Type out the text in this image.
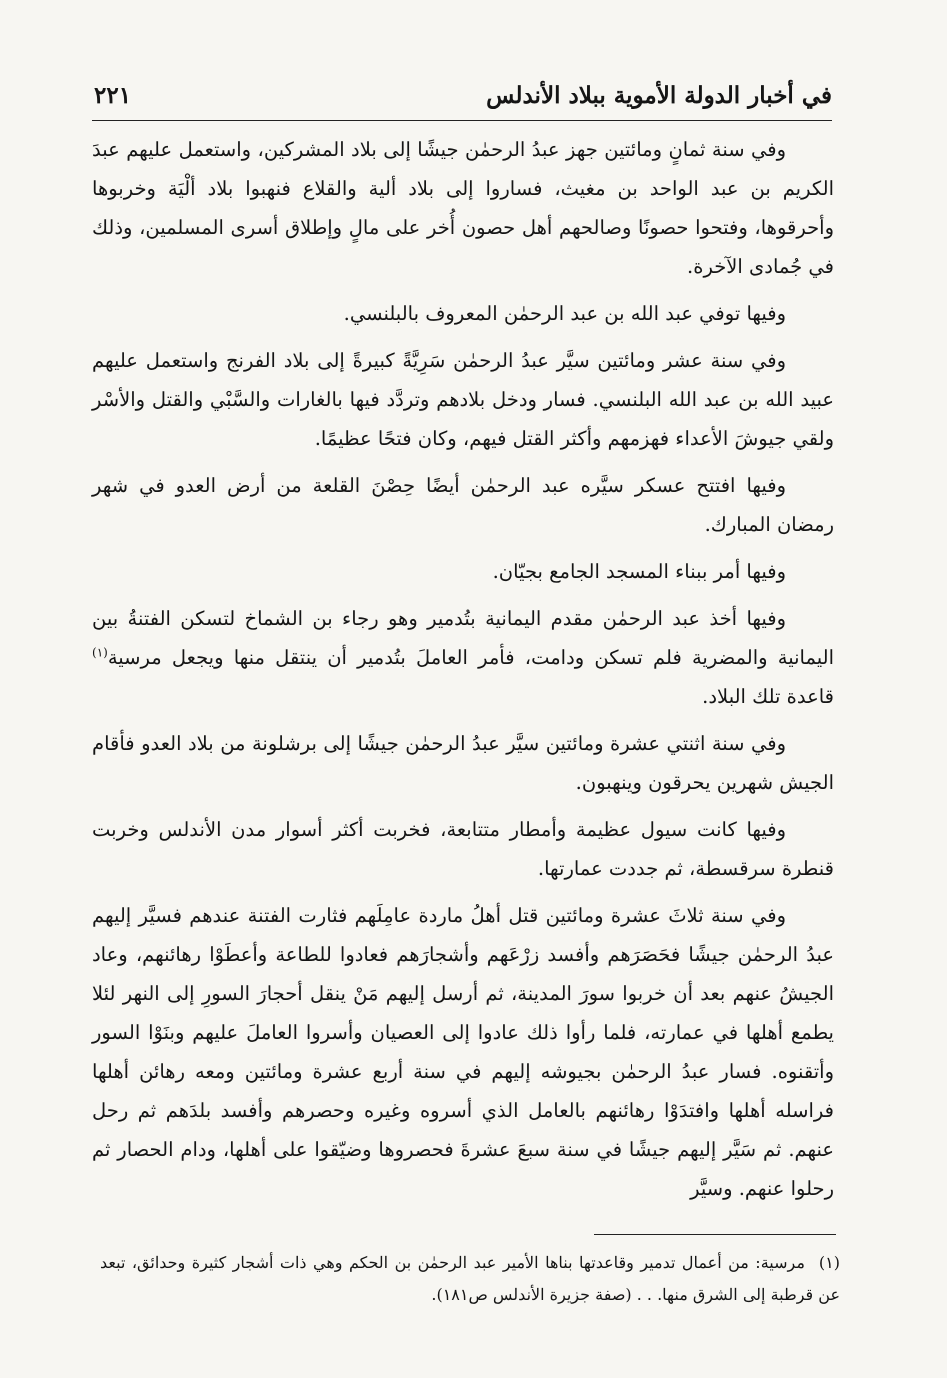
في أخبار الدولة الأموية ببلاد الأندلس
٢٢١

وفي سنة ثمانٍ ومائتين جهز عبدُ الرحمٰن جيشًا إلى بلاد المشركين، واستعمل عليهم عبدَ الكريم بن عبد الواحد بن مغيث، فساروا إلى بلاد ألية والقلاع فنهبوا بلاد ألْيَة وخربوها وأحرقوها، وفتحوا حصونًا وصالحهم أهل حصون أُخر على مالٍ وإطلاق أسرى المسلمين، وذلك في جُمادى الآخرة.

وفيها توفي عبد الله بن عبد الرحمٰن المعروف بالبلنسي.

وفي سنة عشر ومائتين سيَّر عبدُ الرحمٰن سَرِيَّةً كبيرةً إلى بلاد الفرنج واستعمل عليهم عبيد الله بن عبد الله البلنسي. فسار ودخل بلادهم وتردَّد فيها بالغارات والسَّبْي والقتل والأسْر ولقي جيوشَ الأعداء فهزمهم وأكثر القتل فيهم، وكان فتحًا عظيمًا.

وفيها افتتح عسكر سيَّره عبد الرحمٰن أيضًا حِصْنَ القلعة من أرض العدو في شهر رمضان المبارك.

وفيها أمر ببناء المسجد الجامع بجيّان.

وفيها أخذ عبد الرحمٰن مقدم اليمانية بتُدمير وهو رجاء بن الشماخ لتسكن الفتنةُ بين اليمانية والمضرية فلم تسكن ودامت، فأمر العاملَ بتُدمير أن ينتقل منها ويجعل مرسية$^{(١)}$ قاعدة تلك البلاد.

وفي سنة اثنتي عشرة ومائتين سيَّر عبدُ الرحمٰن جيشًا إلى برشلونة من بلاد العدو فأقام الجيش شهرين يحرقون وينهبون.

وفيها كانت سيول عظيمة وأمطار متتابعة، فخربت أكثر أسوار مدن الأندلس وخربت قنطرة سرقسطة، ثم جددت عمارتها.

وفي سنة ثلاثَ عشرة ومائتين قتل أهلُ ماردة عامِلَهم فثارت الفتنة عندهم فسيَّر إليهم عبدُ الرحمٰن جيشًا فحَصَرَهم وأفسد زرْعَهم وأشجارَهم فعادوا للطاعة وأعطَوْا رهائنهم، وعاد الجيشُ عنهم بعد أن خربوا سورَ المدينة، ثم أرسل إليهم مَنْ ينقل أحجارَ السورِ إلى النهر لئلا يطمع أهلها في عمارته، فلما رأوا ذلك عادوا إلى العصيان وأسروا العاملَ عليهم وبنَوْا السور وأتقنوه. فسار عبدُ الرحمٰن بجيوشه إليهم في سنة أربع عشرة ومائتين ومعه رهائن أهلها فراسله أهلها وافتدَوْا رهائنهم بالعامل الذي أسروه وغيره وحصرهم وأفسد بلدَهم ثم رحل عنهم. ثم سَيَّر إليهم جيشًا في سنة سبعَ عشرةَ فحصروها وضيّقوا على أهلها، ودام الحصار ثم رحلوا عنهم. وسيَّر

(١)مرسية: من أعمال تدمير وقاعدتها بناها الأمير عبد الرحمٰن بن الحكم وهي ذات أشجار كثيرة وحدائق، تبعد عن قرطبة إلى الشرق منها. . . (صفة جزيرة الأندلس ص١٨١).
